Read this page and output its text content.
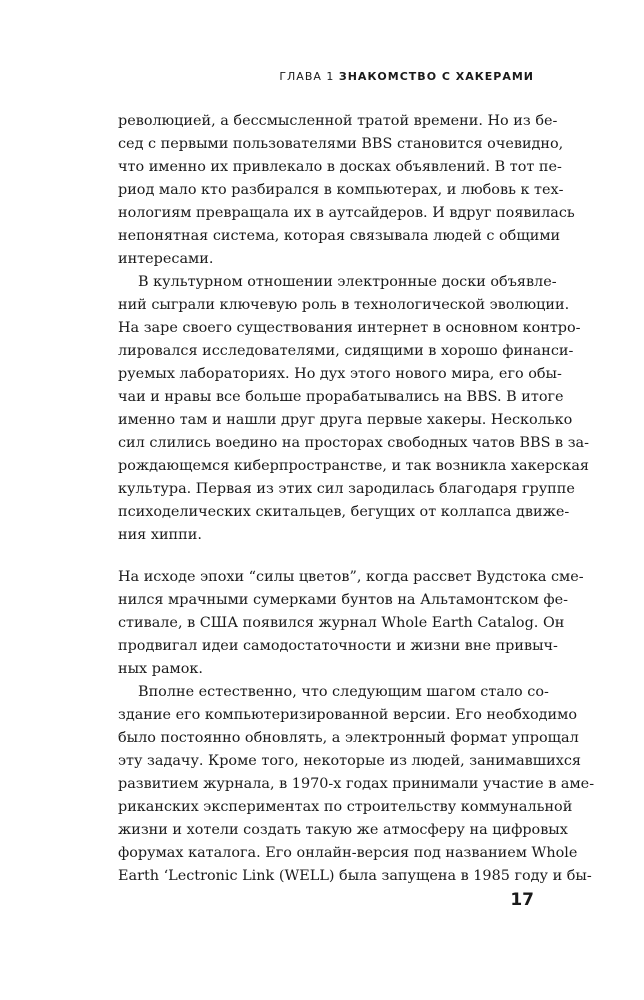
ГЛАВА 1 ЗНАКОМСТВО С ХАКЕРАМИ
революцией, а бессмысленной тратой времени. Но из бе-
сед с первыми пользователями BBS становится очевидно,
что именно их привлекало в досках объявлений. В тот пе-
риод мало кто разбирался в компьютерах, и любовь к тех-
нологиям превращала их в аутсайдеров. И вдруг появилась
непонятная система, которая связывала людей с общими
интересами.
В культурном отношении электронные доски объявле-
ний сыграли ключевую роль в технологической эволюции.
На заре своего существования интернет в основном контро-
лировался исследователями, сидящими в хорошо финанси-
руемых лабораториях. Но дух этого нового мира, его обы-
чаи и нравы все больше прорабатывались на BBS. В итоге
именно там и нашли друг друга первые хакеры. Несколько
сил слились воедино на просторах свободных чатов BBS в за-
рождающемся киберпространстве, и так возникла хакерская
культура. Первая из этих сил зародилась благодаря группе
психоделических скитальцев, бегущих от коллапса движе-
ния хиппи.
На исходе эпохи “силы цветов”, когда рассвет Вудстока сме-
нился мрачными сумерками бунтов на Альтамонтском фе-
стивале, в США появился журнал Whole Earth Catalog. Он
продвигал идеи самодостаточности и жизни вне привыч-
ных рамок.
Вполне естественно, что следующим шагом стало со-
здание его компьютеризированной версии. Его необходимо
было постоянно обновлять, а электронный формат упрощал
эту задачу. Кроме того, некоторые из людей, занимавшихся
развитием журнала, в 1970-х годах принимали участие в аме-
риканских экспериментах по строительству коммунальной
жизни и хотели создать такую же атмосферу на цифровых
форумах каталога. Его онлайн-версия под названием Whole
Earth ‘Lectronic Link (WELL) была запущена в 1985 году и бы-
17
